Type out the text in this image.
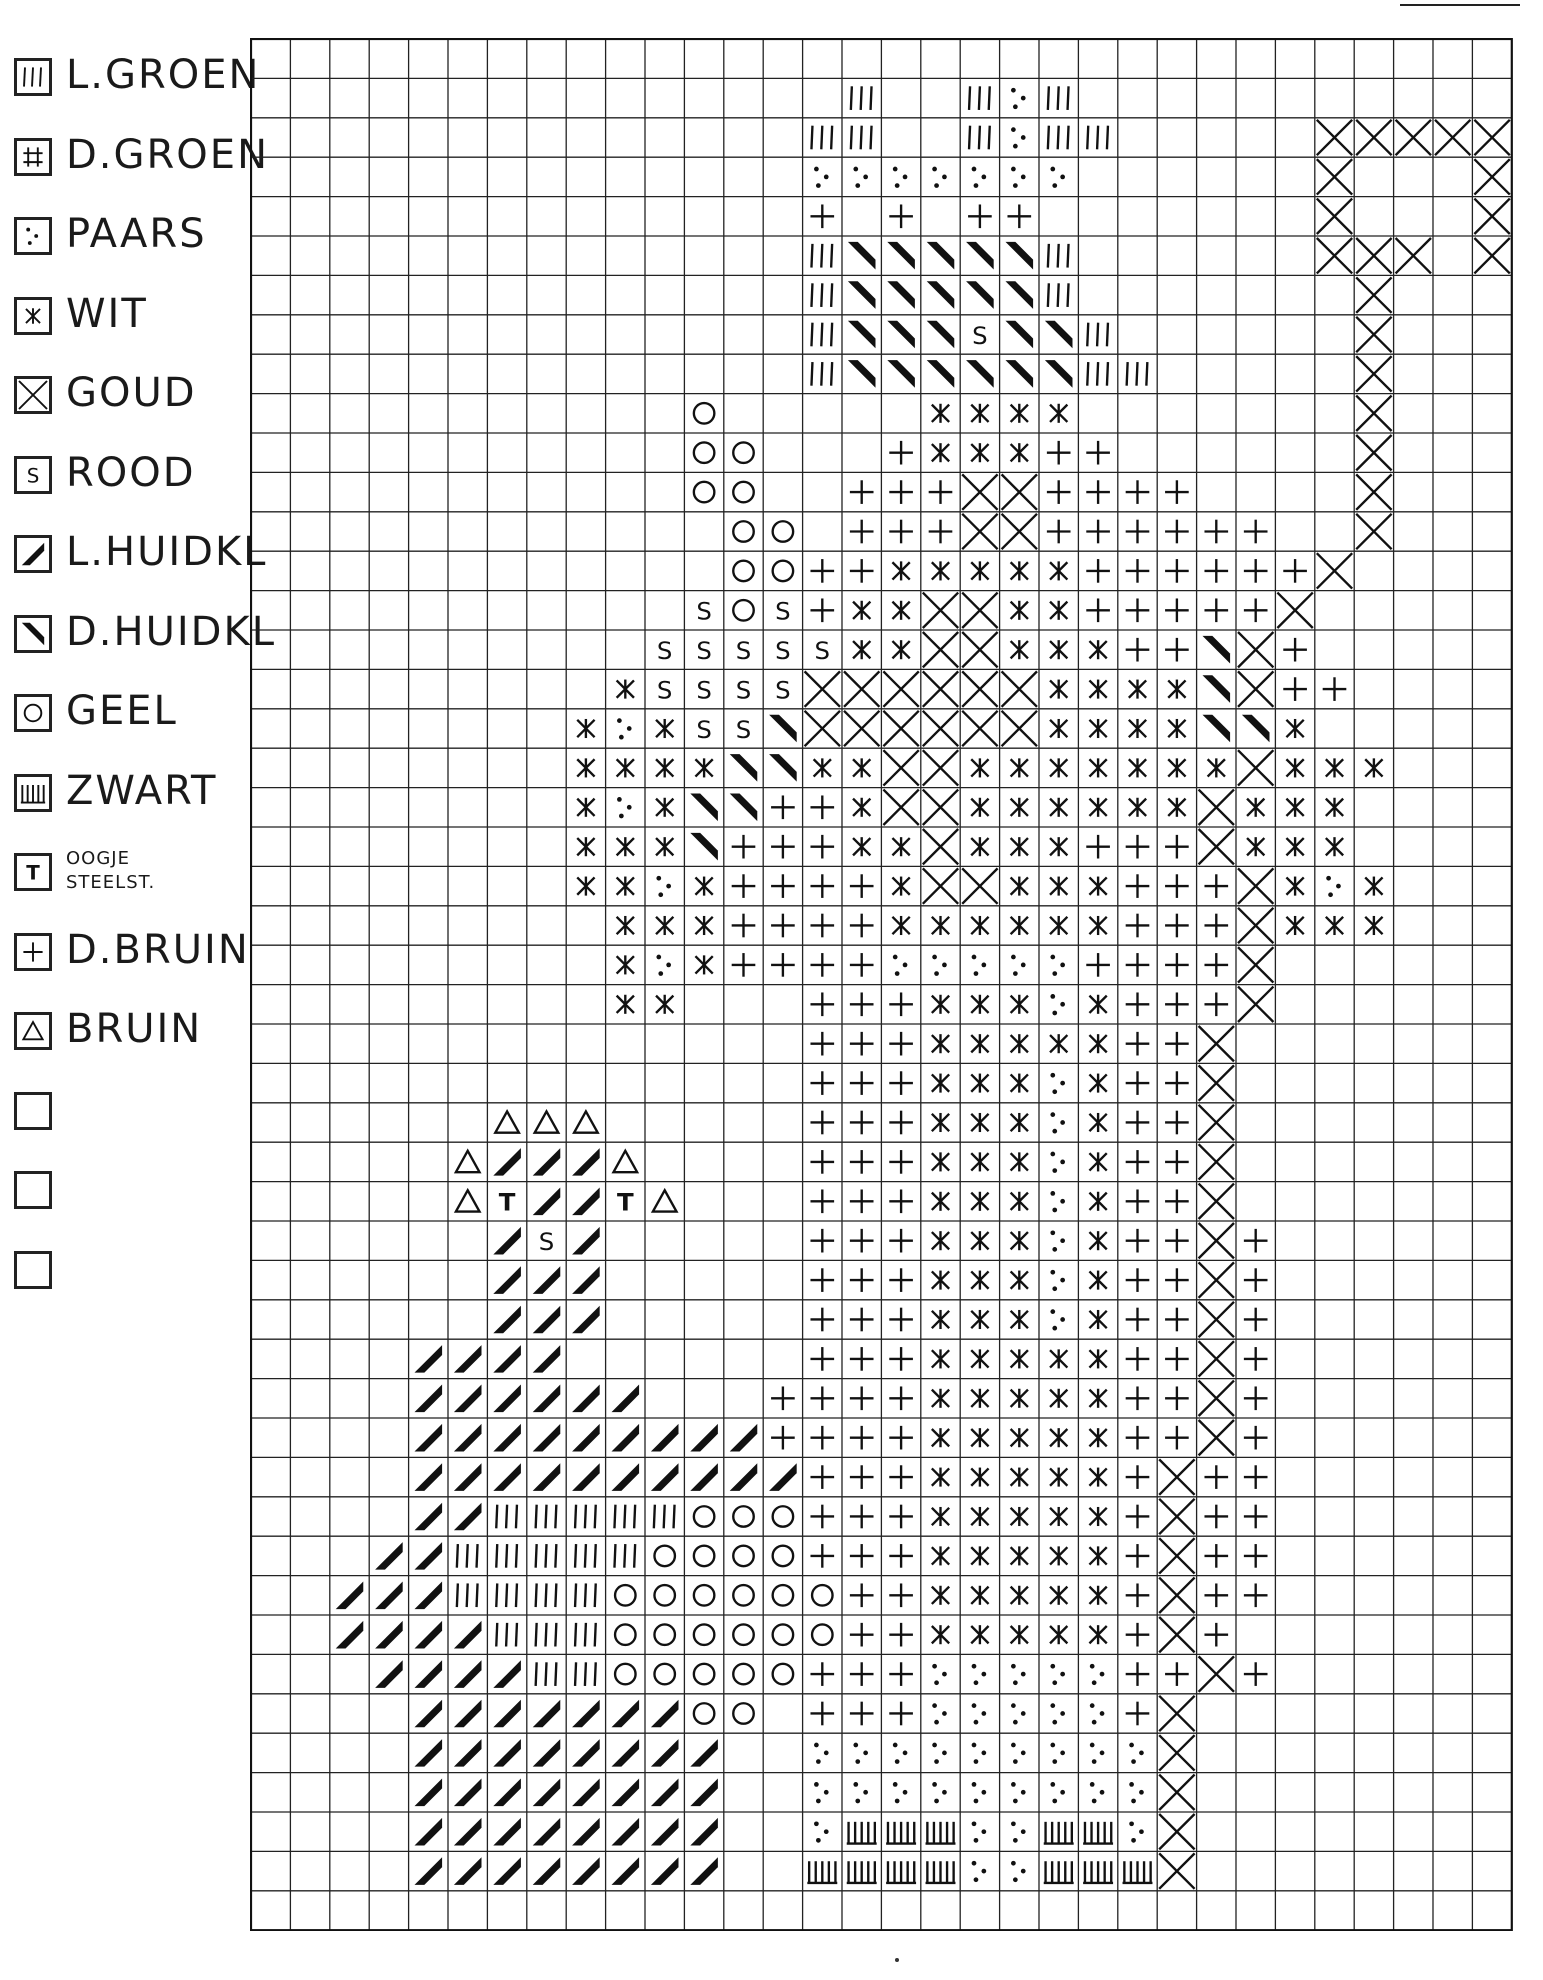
L.GROEN
D.GROEN
PAARS
WIT
GOUD
S ROOD
L.HUIDKL
D.HUIDKL
GEEL
ZWART
T
OOGJE
STEELST.
D.BRUIN
BRUIN
S
S	S
S S S S S
S S S S
S S
T	T
S
